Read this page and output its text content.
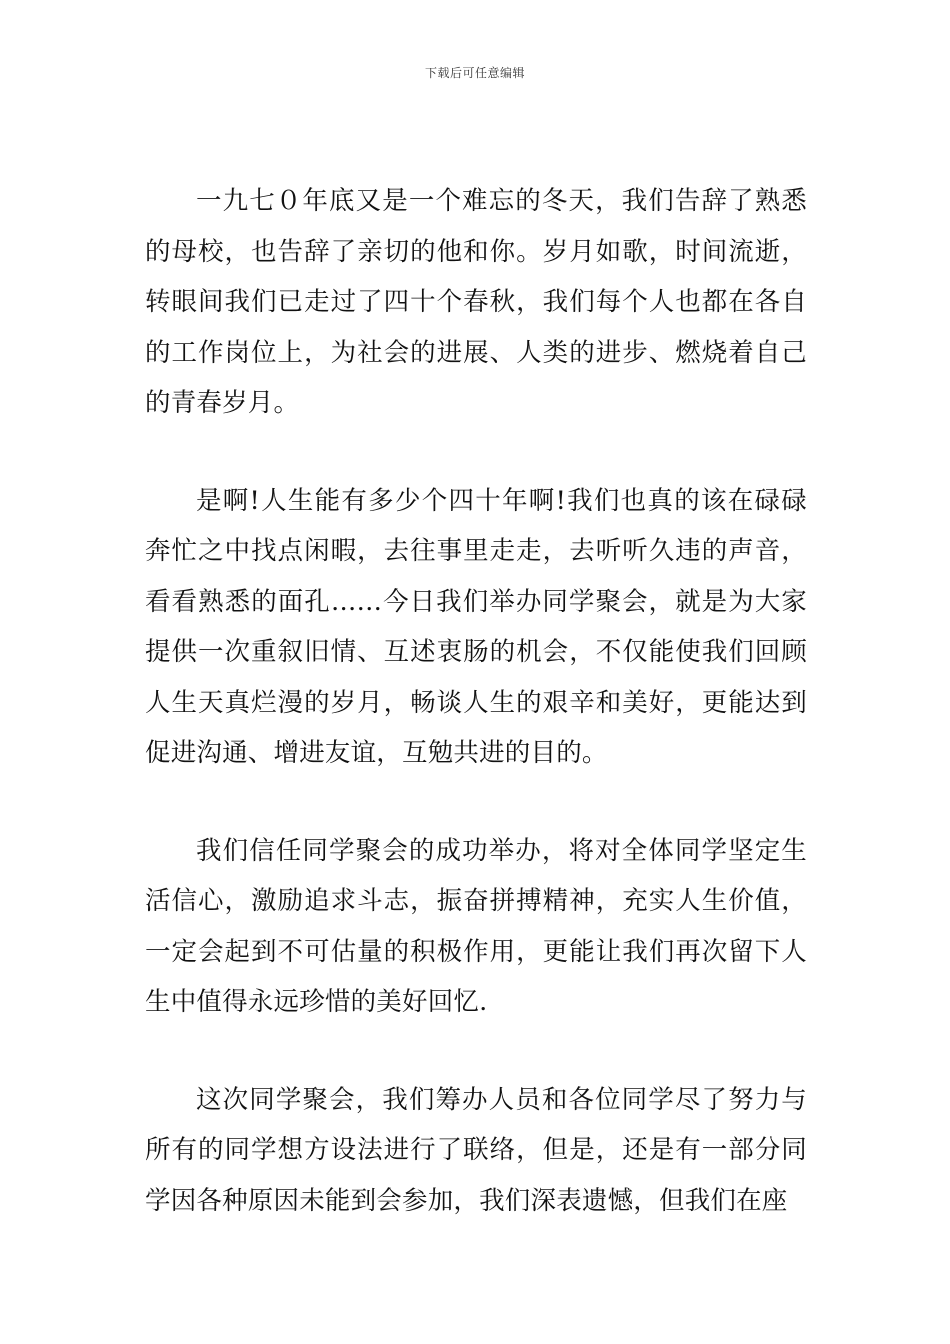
下载后可任意编辑

一九七０年底又是一个难忘的冬天，我们告辞了熟悉的母校，也告辞了亲切的他和你。岁月如歌，时间流逝，转眼间我们已走过了四十个春秋，我们每个人也都在各自的工作岗位上，为社会的进展、人类的进步、燃烧着自己的青春岁月。

是啊!人生能有多少个四十年啊!我们也真的该在碌碌奔忙之中找点闲暇，去往事里走走，去听听久违的声音，看看熟悉的面孔……今日我们举办同学聚会，就是为大家提供一次重叙旧情、互述衷肠的机会，不仅能使我们回顾人生天真烂漫的岁月，畅谈人生的艰辛和美好，更能达到促进沟通、增进友谊，互勉共进的目的。

我们信任同学聚会的成功举办，将对全体同学坚定生活信心，激励追求斗志，振奋拼搏精神，充实人生价值，一定会起到不可估量的积极作用，更能让我们再次留下人生中值得永远珍惜的美好回忆.

这次同学聚会，我们筹办人员和各位同学尽了努力与所有的同学想方设法进行了联络，但是，还是有一部分同学因各种原因未能到会参加，我们深表遗憾，但我们在座
